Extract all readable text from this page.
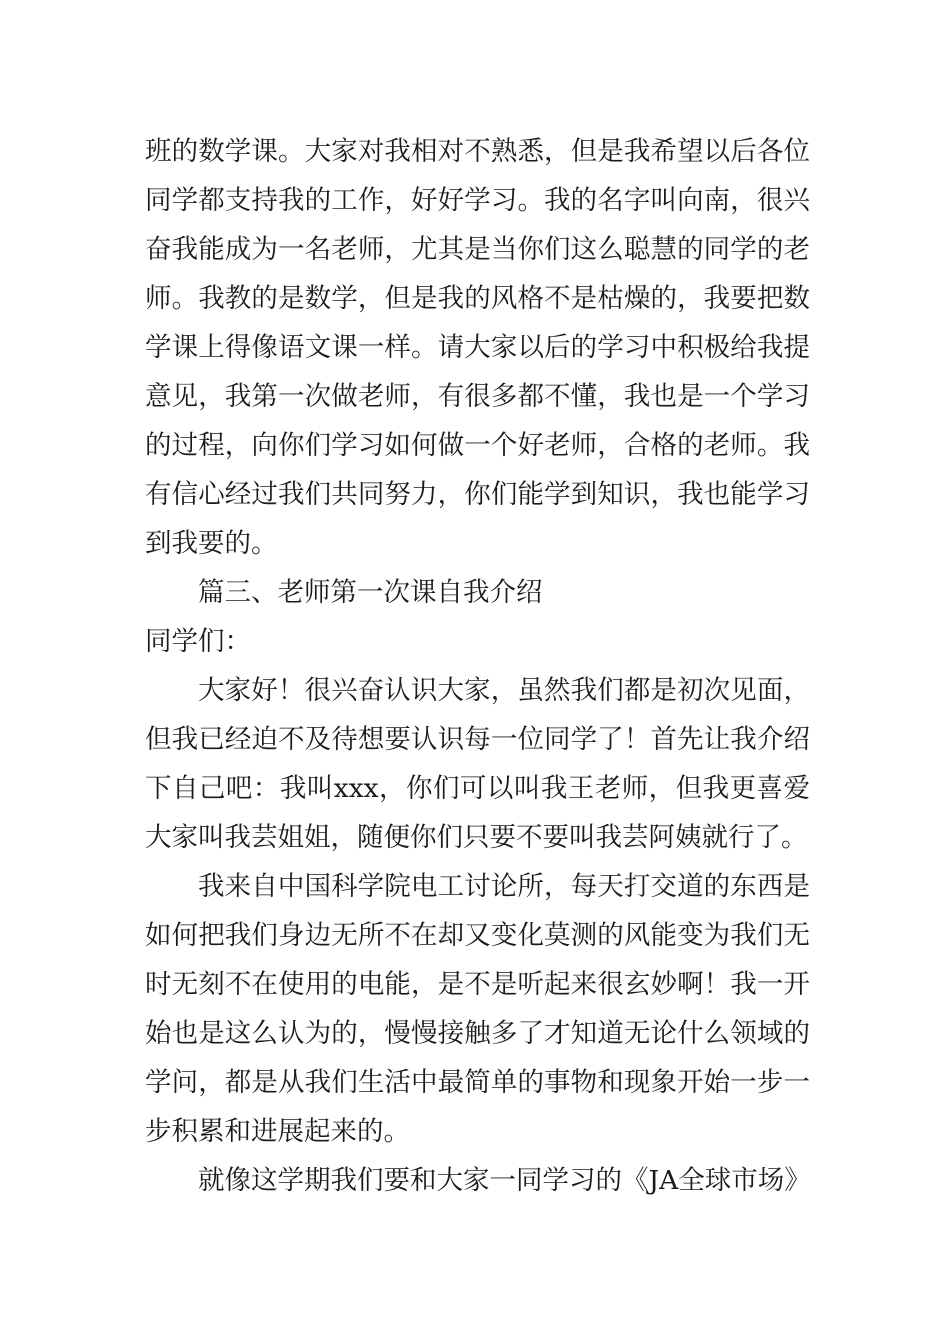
班的数学课。大家对我相对不熟悉，但是我希望以后各位同学都支持我的工作，好好学习。我的名字叫向南，很兴奋我能成为一名老师，尤其是当你们这么聪慧的同学的老师。我教的是数学，但是我的风格不是枯燥的，我要把数学课上得像语文课一样。请大家以后的学习中积极给我提意见，我第一次做老师，有很多都不懂，我也是一个学习的过程，向你们学习如何做一个好老师，合格的老师。我有信心经过我们共同努力，你们能学到知识，我也能学习到我要的。

篇三、老师第一次课自我介绍

同学们：

大家好！很兴奋认识大家，虽然我们都是初次见面，但我已经迫不及待想要认识每一位同学了！首先让我介绍下自己吧：我叫xxx，你们可以叫我王老师，但我更喜爱大家叫我芸姐姐，随便你们只要不要叫我芸阿姨就行了。

我来自中国科学院电工讨论所，每天打交道的东西是如何把我们身边无所不在却又变化莫测的风能变为我们无时无刻不在使用的电能，是不是听起来很玄妙啊！我一开始也是这么认为的，慢慢接触多了才知道无论什么领域的学问，都是从我们生活中最简单的事物和现象开始一步一步积累和进展起来的。

就像这学期我们要和大家一同学习的《JA全球市场》
